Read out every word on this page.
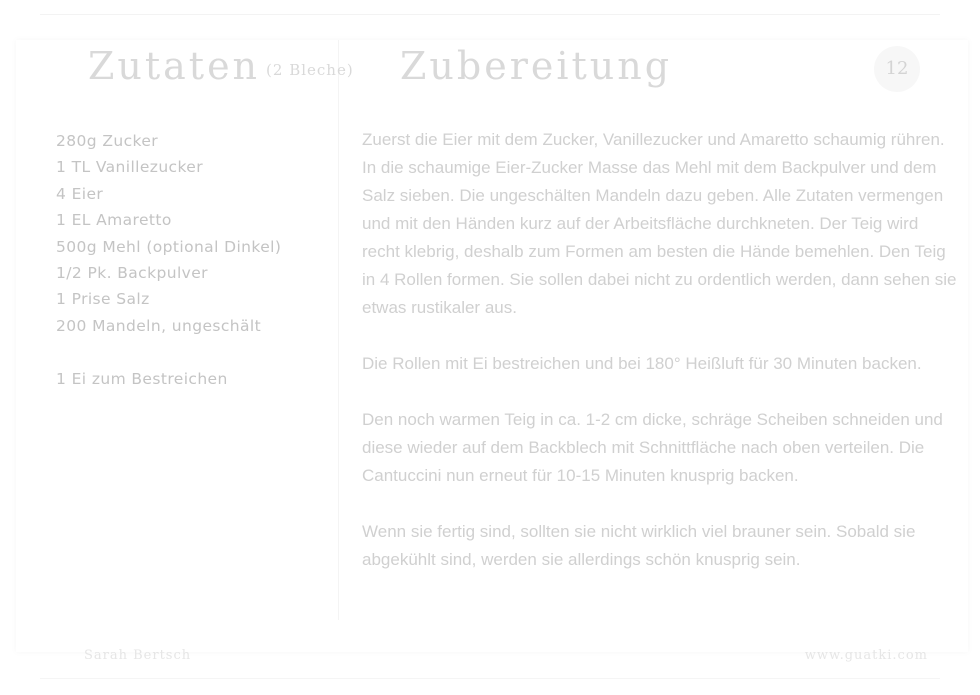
Zutaten (2 Bleche) Zubereitung	12
280g Zucker
1 TL Vanillezucker
4 Eier
1 EL Amaretto
500g Mehl (optional Dinkel)
1/2 Pk. Backpulver
1 Prise Salz
200 Mandeln, ungeschält
1 Ei zum Bestreichen

Zuerst die Eier mit dem Zucker, Vanillezucker und Amaretto schaumig rühren. In die schaumige Eier-Zucker Masse das Mehl mit dem Backpulver und dem Salz sieben. Die ungeschälten Mandeln dazu geben. Alle Zutaten vermengen und mit den Händen kurz auf der Arbeitsfläche durchkneten. Der Teig wird recht klebrig, deshalb zum Formen am besten die Hände bemehlen. Den Teig in 4 Rollen formen. Sie sollen dabei nicht zu ordentlich werden, dann sehen sie etwas rustikaler aus.

Die Rollen mit Ei bestreichen und bei 180° Heißluft für 30 Minuten backen.

Den noch warmen Teig in ca. 1-2 cm dicke, schräge Scheiben schneiden und diese wieder auf dem Backblech mit Schnittfläche nach oben verteilen. Die Cantuccini nun erneut für 10-15 Minuten knusprig backen.

Wenn sie fertig sind, sollten sie nicht wirklich viel brauner sein. Sobald sie abgekühlt sind, werden sie allerdings schön knusprig sein.

Sarah Bertsch	www.guatki.com
